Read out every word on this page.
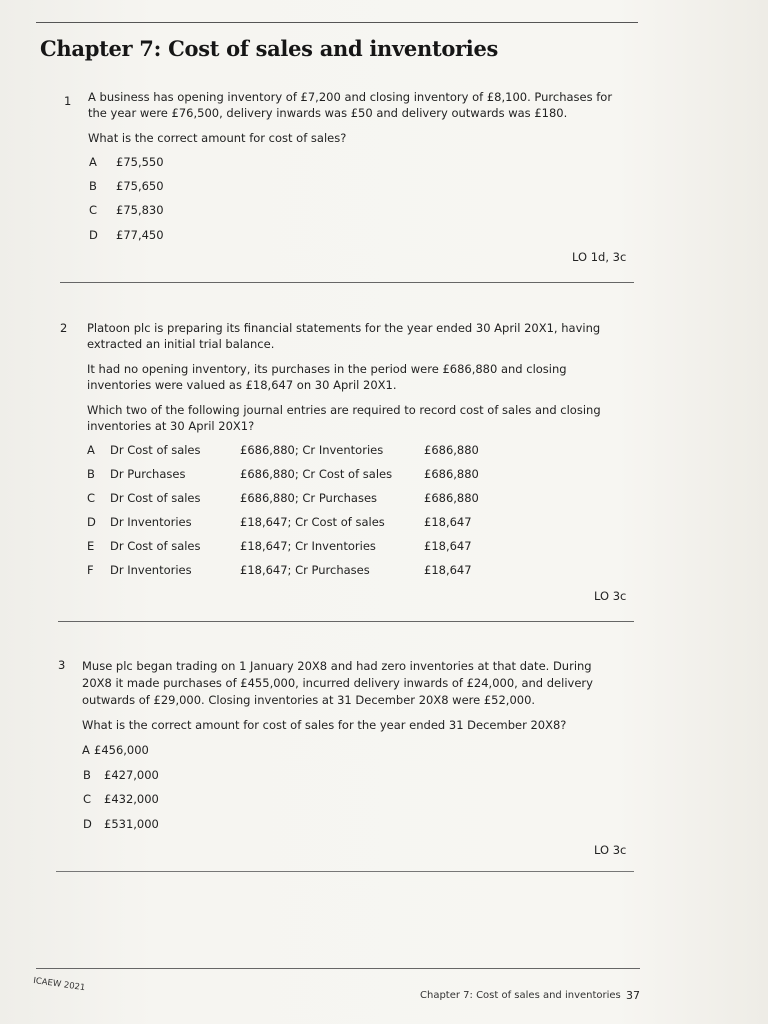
Chapter 7: Cost of sales and inventories
1 A business has opening inventory of £7,200 and closing inventory of £8,100. Purchases for
the year were £76,500, delivery inwards was £50 and delivery outwards was £180.
What is the correct amount for cost of sales?
A £75,550
B £75,650
C £75,830
D £77,450
LO 1d, 3c
2 Platoon plc is preparing its financial statements for the year ended 30 April 20X1, having
extracted an initial trial balance.
It had no opening inventory, its purchases in the period were £686,880 and closing
inventories were valued as £18,647 on 30 April 20X1.
Which two of the following journal entries are required to record cost of sales and closing
inventories at 30 April 20X1?
A Dr Cost of sales	£686,880; Cr Inventories	£686,880
B Dr Purchases	£686,880; Cr Cost of sales	£686,880
C Dr Cost of sales	£686,880; Cr Purchases	£686,880
D Dr Inventories	£18,647; Cr Cost of sales	£18,647
E Dr Cost of sales	£18,647; Cr Inventories	£18,647
F Dr Inventories	£18,647; Cr Purchases	£18,647
LO 3c
3 Muse plc began trading on 1 January 20X8 and had zero inventories at that date. During
20X8 it made purchases of £455,000, incurred delivery inwards of £24,000, and delivery
outwards of £29,000. Closing inventories at 31 December 20X8 were £52,000.
What is the correct amount for cost of sales for the year ended 31 December 20X8?
A £456,000
B £427,000
C £432,000
D £531,000
LO 3c
ICAEW 2021
Chapter 7: Cost of sales and inventories 37
